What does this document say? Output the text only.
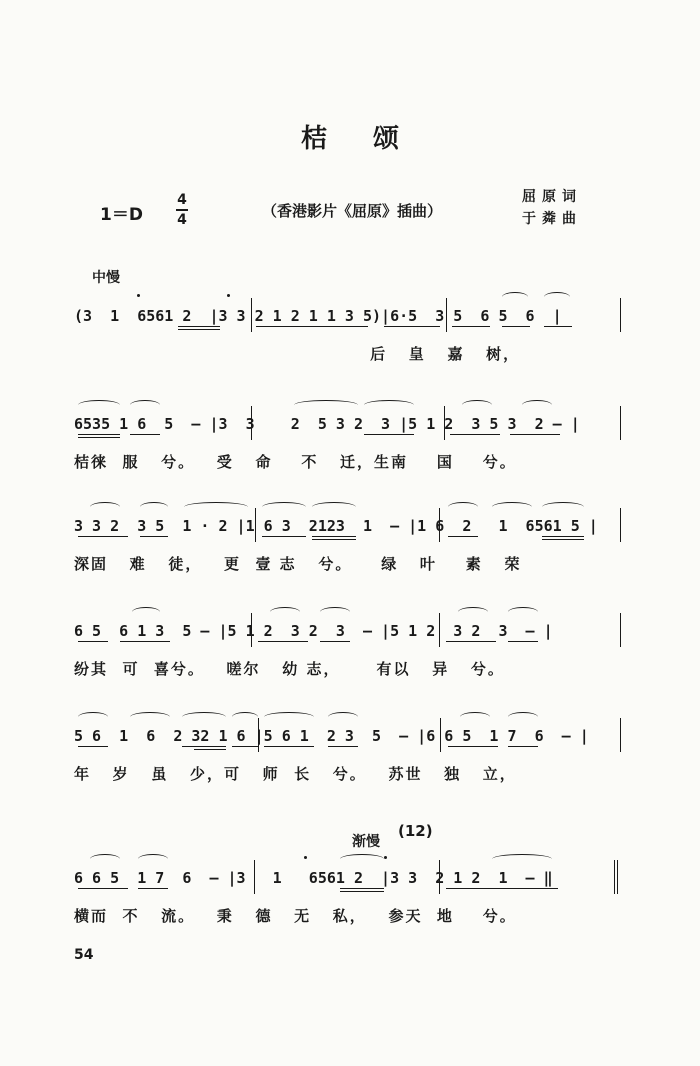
桔颂
1＝D
4
4	（香港影片《屈原》插曲）
屈原词
于粦曲
中慢
(3  1  6561 2  |3 3 2 1 2 1 1 3 5)|6·5  3 5  6 5  6  |
后   皇   嘉   树，
6535 1 6  5  — |3  3    2  5 3 2  3 |5 1 2  3 5 3  2 — |
桔徕  服   兮。   受   命    不   迁，生南    国    兮。
3 3 2  3 5  1 · 2 |1 6 3  2123  1  — |1 6  2   1  6561 5 |
深固   难   徒，   更  壹 志   兮。    绿   叶    素   荣
6 5  6 1 3  5 — |5 1 2  3 2  3  — |5 1 2  3 2  3  — |
纷其  可  喜兮。   嗟尔   幼 志，     有以   异   兮。
5 6  1  6  2 32 1 6 |5 6 1  2 3  5  — |6 6 5  1 7  6  — |
年   岁   虽   少，可   师  长   兮。   苏世   独   立，
渐慢
(12)
6 6 5  1 7  6  — |3   1   6561 2  |3 3  2 1 2  1  — ‖
横而  不   流。   秉   德   无   私，   参天  地    兮。
54
